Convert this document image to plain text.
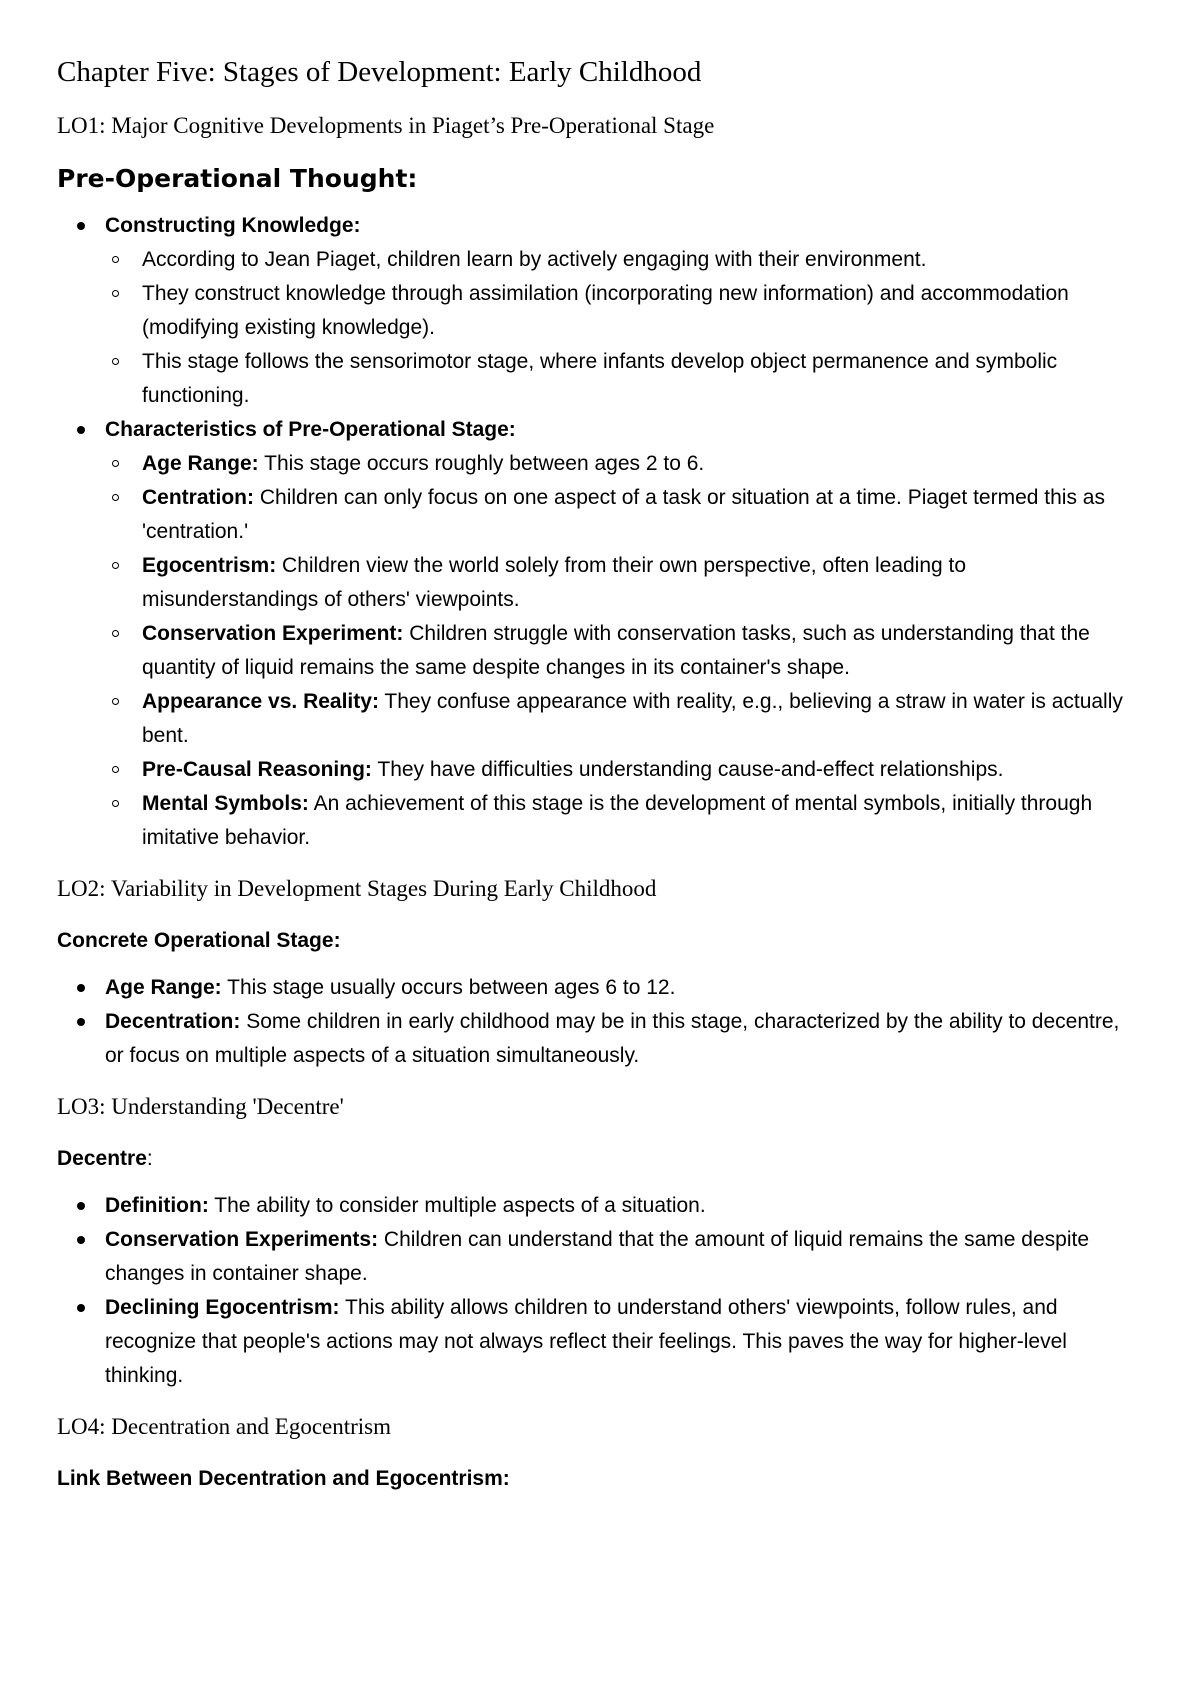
Chapter Five: Stages of Development: Early Childhood
LO1: Major Cognitive Developments in Piaget’s Pre-Operational Stage
Pre-Operational Thought:
Constructing Knowledge:
According to Jean Piaget, children learn by actively engaging with their environment.
They construct knowledge through assimilation (incorporating new information) and accommodation (modifying existing knowledge).
This stage follows the sensorimotor stage, where infants develop object permanence and symbolic functioning.
Characteristics of Pre-Operational Stage:
Age Range: This stage occurs roughly between ages 2 to 6.
Centration: Children can only focus on one aspect of a task or situation at a time. Piaget termed this as 'centration.'
Egocentrism: Children view the world solely from their own perspective, often leading to misunderstandings of others' viewpoints.
Conservation Experiment: Children struggle with conservation tasks, such as understanding that the quantity of liquid remains the same despite changes in its container's shape.
Appearance vs. Reality: They confuse appearance with reality, e.g., believing a straw in water is actually bent.
Pre-Causal Reasoning: They have difficulties understanding cause-and-effect relationships.
Mental Symbols: An achievement of this stage is the development of mental symbols, initially through imitative behavior.
LO2: Variability in Development Stages During Early Childhood
Concrete Operational Stage:
Age Range: This stage usually occurs between ages 6 to 12.
Decentration: Some children in early childhood may be in this stage, characterized by the ability to decentre, or focus on multiple aspects of a situation simultaneously.
LO3: Understanding 'Decentre'
Decentre:
Definition: The ability to consider multiple aspects of a situation.
Conservation Experiments: Children can understand that the amount of liquid remains the same despite changes in container shape.
Declining Egocentrism: This ability allows children to understand others' viewpoints, follow rules, and recognize that people's actions may not always reflect their feelings. This paves the way for higher-level thinking.
LO4: Decentration and Egocentrism
Link Between Decentration and Egocentrism:
